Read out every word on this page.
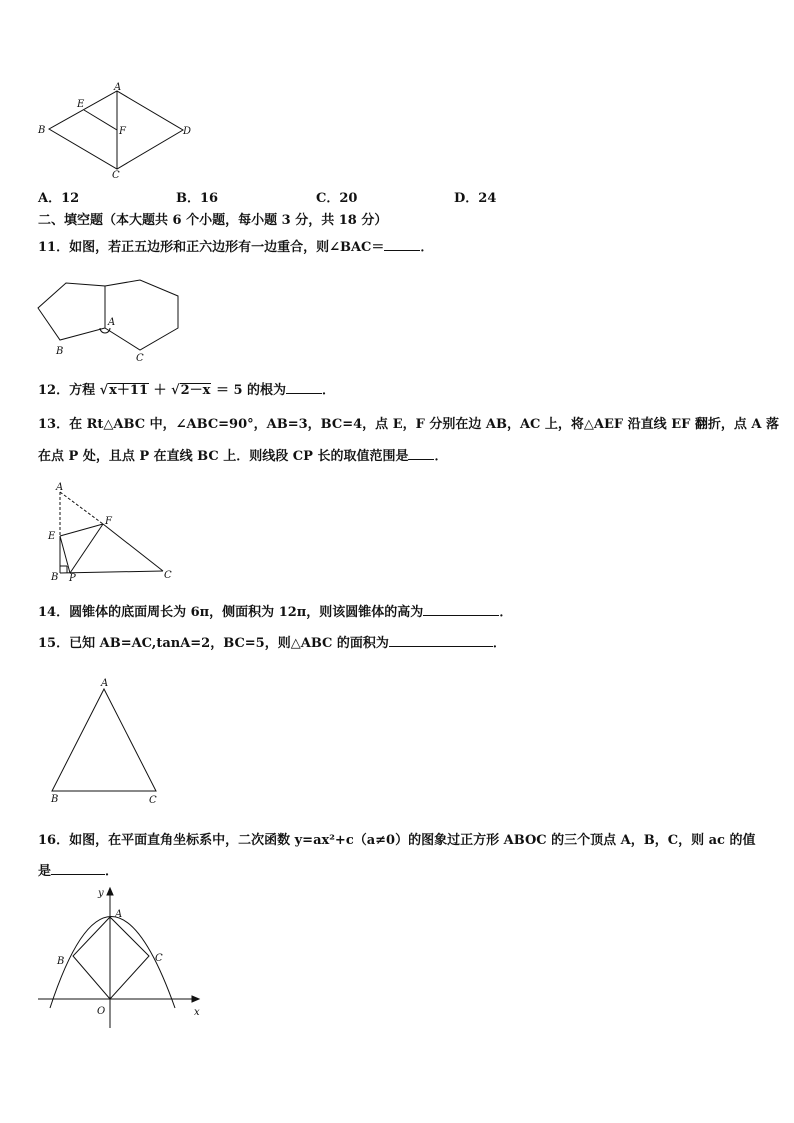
A
E
B	F	D
C
A．12	B．16	C．20	D．24
二、填空题（本大题共 6 个小题，每小题 3 分，共 18 分）
11．如图，若正五边形和正六边形有一边重合，则∠BAC＝	．
A
B
C
12．方程 √x＋11 ＋ √2－x ＝ 5 的根为	．
13．在 Rt△ABC 中，∠ABC=90°，AB=3，BC=4，点 E，F 分别在边 AB，AC 上，将△AEF 沿直线 EF 翻折，点 A 落
在点 P 处，且点 P 在直线 BC 上．则线段 CP 长的取值范围是 ．
A
F
E
B P	C
14．圆锥体的底面周长为 6π，侧面积为 12π，则该圆锥体的高为	．
15．已知 AB=AC,tanA=2，BC=5，则△ABC 的面积为	．
A
B	C
16．如图，在平面直角坐标系中，二次函数 y=ax²+c（a≠0）的图象过正方形 ABOC 的三个顶点 A，B，C，则 ac 的值
是	．
y
A
B	C
O	x
